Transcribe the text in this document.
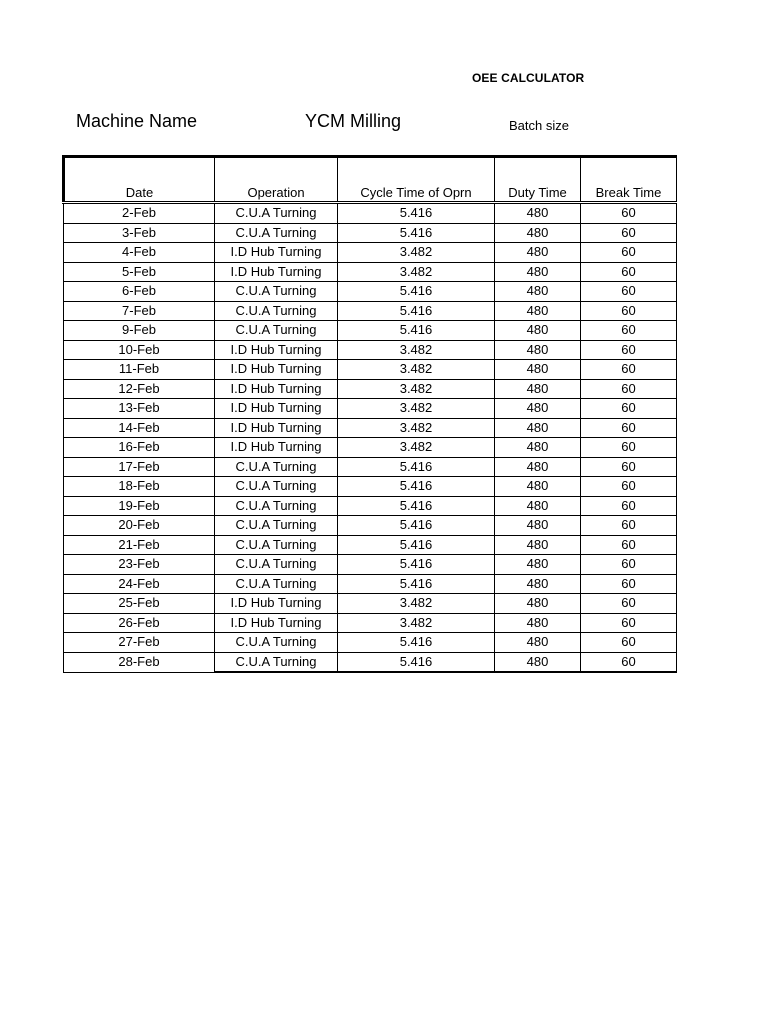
OEE CALCULATOR
Machine Name	YCM Milling	Batch size
Date	Operation	Cycle Time of Oprn	Duty Time	Break Time
2-Feb	C.U.A Turning	5.416	480	60
3-Feb	C.U.A Turning	5.416	480	60
4-Feb	I.D Hub Turning	3.482	480	60
5-Feb	I.D Hub Turning	3.482	480	60
6-Feb	C.U.A Turning	5.416	480	60
7-Feb	C.U.A Turning	5.416	480	60
9-Feb	C.U.A Turning	5.416	480	60
10-Feb	I.D Hub Turning	3.482	480	60
11-Feb	I.D Hub Turning	3.482	480	60
12-Feb	I.D Hub Turning	3.482	480	60
13-Feb	I.D Hub Turning	3.482	480	60
14-Feb	I.D Hub Turning	3.482	480	60
16-Feb	I.D Hub Turning	3.482	480	60
17-Feb	C.U.A Turning	5.416	480	60
18-Feb	C.U.A Turning	5.416	480	60
19-Feb	C.U.A Turning	5.416	480	60
20-Feb	C.U.A Turning	5.416	480	60
21-Feb	C.U.A Turning	5.416	480	60
23-Feb	C.U.A Turning	5.416	480	60
24-Feb	C.U.A Turning	5.416	480	60
25-Feb	I.D Hub Turning	3.482	480	60
26-Feb	I.D Hub Turning	3.482	480	60
27-Feb	C.U.A Turning	5.416	480	60
28-Feb	C.U.A Turning	5.416	480	60
